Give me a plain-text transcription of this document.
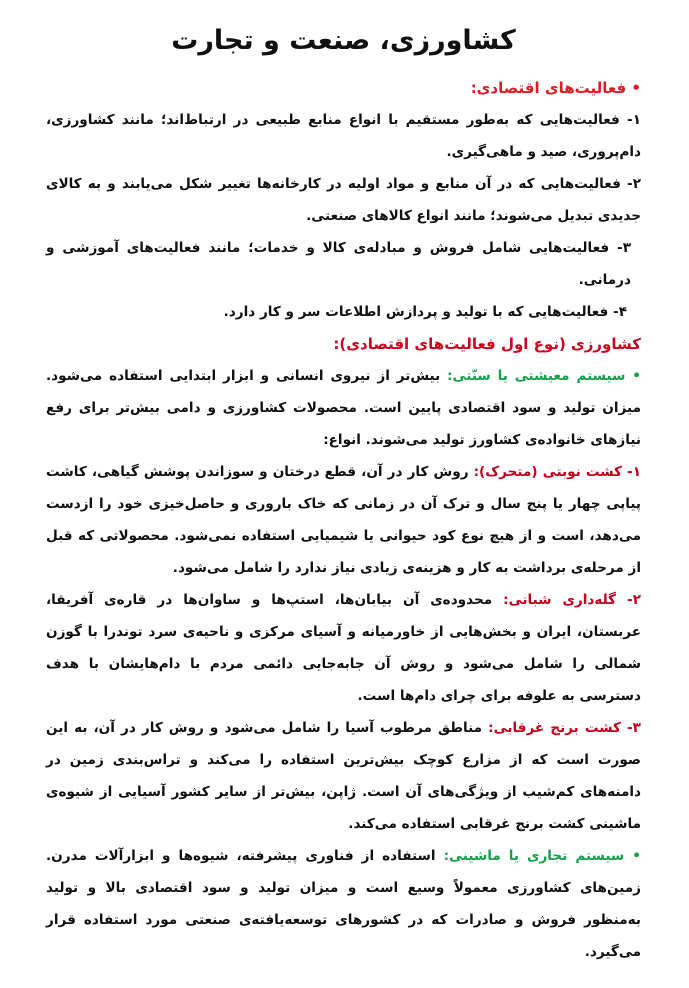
کشاورزی، صنعت و تجارت

• فعالیت‌های اقتصادی:

۱- فعالیت‌هایی که به‌طور مستقیم با انواع منابع طبیعی در ارتباط‌اند؛ مانند کشاورزی، دام‌پروری، صید و ماهی‌گیری.

۲- فعالیت‌هایی که در آن منابع و مواد اولیه در کارخانه‌ها تغییر شکل می‌یابند و به کالای جدیدی تبدیل می‌شوند؛ مانند انواع کالاهای صنعتی.

۳- فعالیت‌هایی شامل فروش و مبادله‌ی کالا و خدمات؛ مانند فعالیت‌های آموزشی و درمانی.

۴- فعالیت‌هایی که با تولید و پردازش اطلاعات سر و کار دارد.

کشاورزی (نوع اول فعالیت‌های اقتصادی):

• سیستم معیشتی یا سنّتی: بیش‌تر از نیروی انسانی و ابزار ابتدایی استفاده می‌شود. میزان تولید و سود اقتصادی پایین است. محصولات کشاورزی و دامی بیش‌تر برای رفع نیازهای خانواده‌ی کشاورز تولید می‌شوند. انواع:

۱- کشت نوبتی (متحرک): روش کار در آن، قطع درختان و سوزاندن پوشش گیاهی، کاشت پیاپی چهار یا پنج سال و ترک آن در زمانی که خاک باروری و حاصل‌خیزی خود را ازدست می‌دهد، است و از هیچ نوع کود حیوانی یا شیمیایی استفاده نمی‌شود. محصولاتی که قبل از مرحله‌ی برداشت به کار و هزینه‌ی زیادی نیاز ندارد را شامل می‌شود.

۲- گله‌داری شبانی: محدوده‌ی آن بیابان‌ها، استپ‌ها و ساوان‌ها در قاره‌ی آفریقا، عربستان، ایران و بخش‌هایی از خاورمیانه و آسیای مرکزی و ناحیه‌ی سرد توندرا با گوزن شمالی را شامل می‌شود و روش آن جابه‌جایی دائمی مردم با دام‌هایشان با هدف دسترسی به علوفه برای چرای دام‌ها است.

۳- کشت برنج غرقابی: مناطق مرطوب آسیا را شامل می‌شود و روش کار در آن، به این صورت است که از مزارع کوچک بیش‌ترین استفاده را می‌کند و تراس‌بندی زمین در دامنه‌های کم‌شیب از ویژگی‌های آن است. ژاپن، بیش‌تر از سایر کشور آسیایی از شیوه‌ی ماشینی کشت برنج غرقابی استفاده می‌کند.

• سیستم تجاری یا ماشینی: استفاده از فناوری پیشرفته، شیوه‌ها و ابزارآلات مدرن. زمین‌های کشاورزی معمولاً وسیع است و میزان تولید و سود اقتصادی بالا و تولید به‌منظور فروش و صادرات که در کشورهای توسعه‌یافته‌ی صنعتی مورد استفاده قرار می‌گیرد.
